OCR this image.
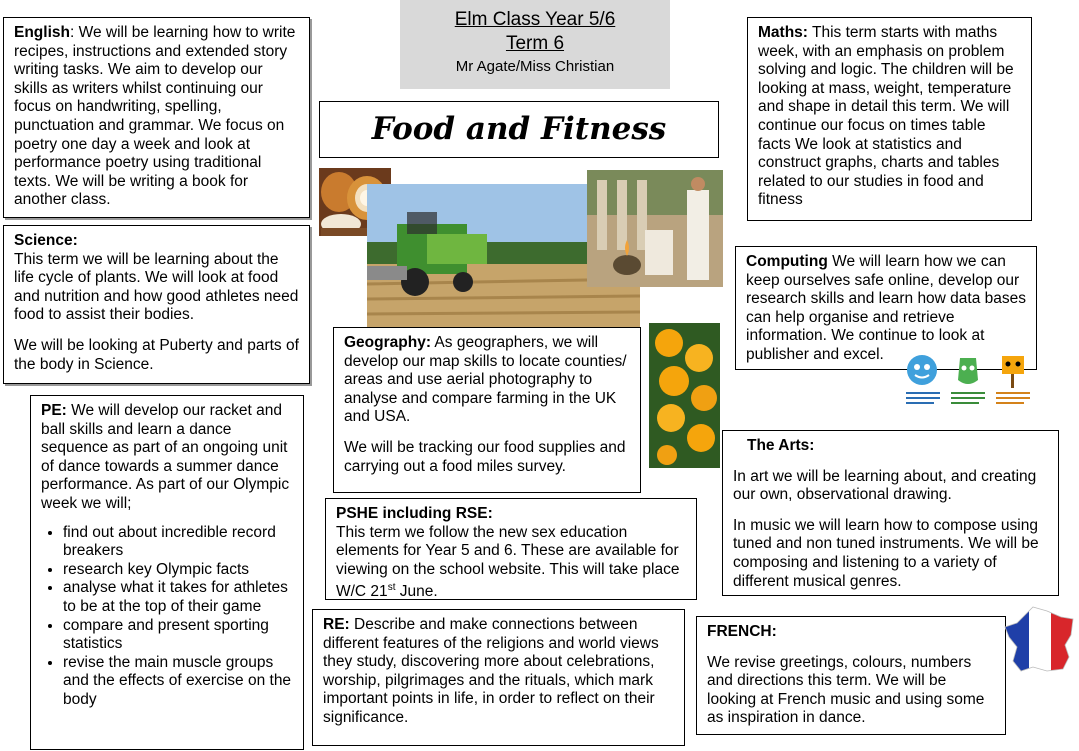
Elm Class Year 5/6
Term 6
Mr Agate/Miss Christian
Food and Fitness

English: We will be learning how to write recipes, instructions and extended story writing tasks. We aim to develop our skills as writers whilst continuing our focus on handwriting, spelling, punctuation and grammar. We focus on poetry one day a week and look at performance poetry using traditional texts. We will be writing a book for another class.

Science:

This term we will be learning about the life cycle of plants. We will look at food and nutrition and how good athletes need food to assist their bodies.

We will be looking at Puberty and parts of the body in Science.

PE: We will develop our racket and ball skills and learn a dance sequence as part of an ongoing unit of dance towards a summer dance performance. As part of our Olympic week we will;

• find out about incredible record breakers
• research key Olympic facts
• analyse what it takes for athletes to be at the top of their game
• compare and present sporting statistics
• revise the main muscle groups and the effects of exercise on the body

Maths: This term starts with maths week, with an emphasis on problem solving and logic. The children will be looking at mass, weight, temperature and shape in detail this term. We will continue our focus on times table facts We look at statistics and construct graphs, charts and tables related to our studies in food and fitness

Computing We will learn how we can keep ourselves safe online, develop our research skills and learn how data bases can help organise and retrieve information. We continue to look at publisher and excel.

Geography: As geographers, we will develop our map skills to locate counties/ areas and use aerial photography to analyse and compare farming in the UK and USA.

We will be tracking our food supplies and carrying out a food miles survey.

The Arts:

In art we will be learning about, and creating our own, observational drawing.

In music we will learn how to compose using tuned and non tuned instruments. We will be composing and listening to a variety of different musical genres.

PSHE including RSE:

This term we follow the new sex education elements for Year 5 and 6. These are available for viewing on the school website. This will take place W/C 21st June.

RE: Describe and make connections between different features of the religions and world views they study, discovering more about celebrations, worship, pilgrimages and the rituals, which mark important points in life, in order to reflect on their significance.

FRENCH:

We revise greetings, colours, numbers and directions this term. We will be looking at French music and using some as inspiration in dance.
